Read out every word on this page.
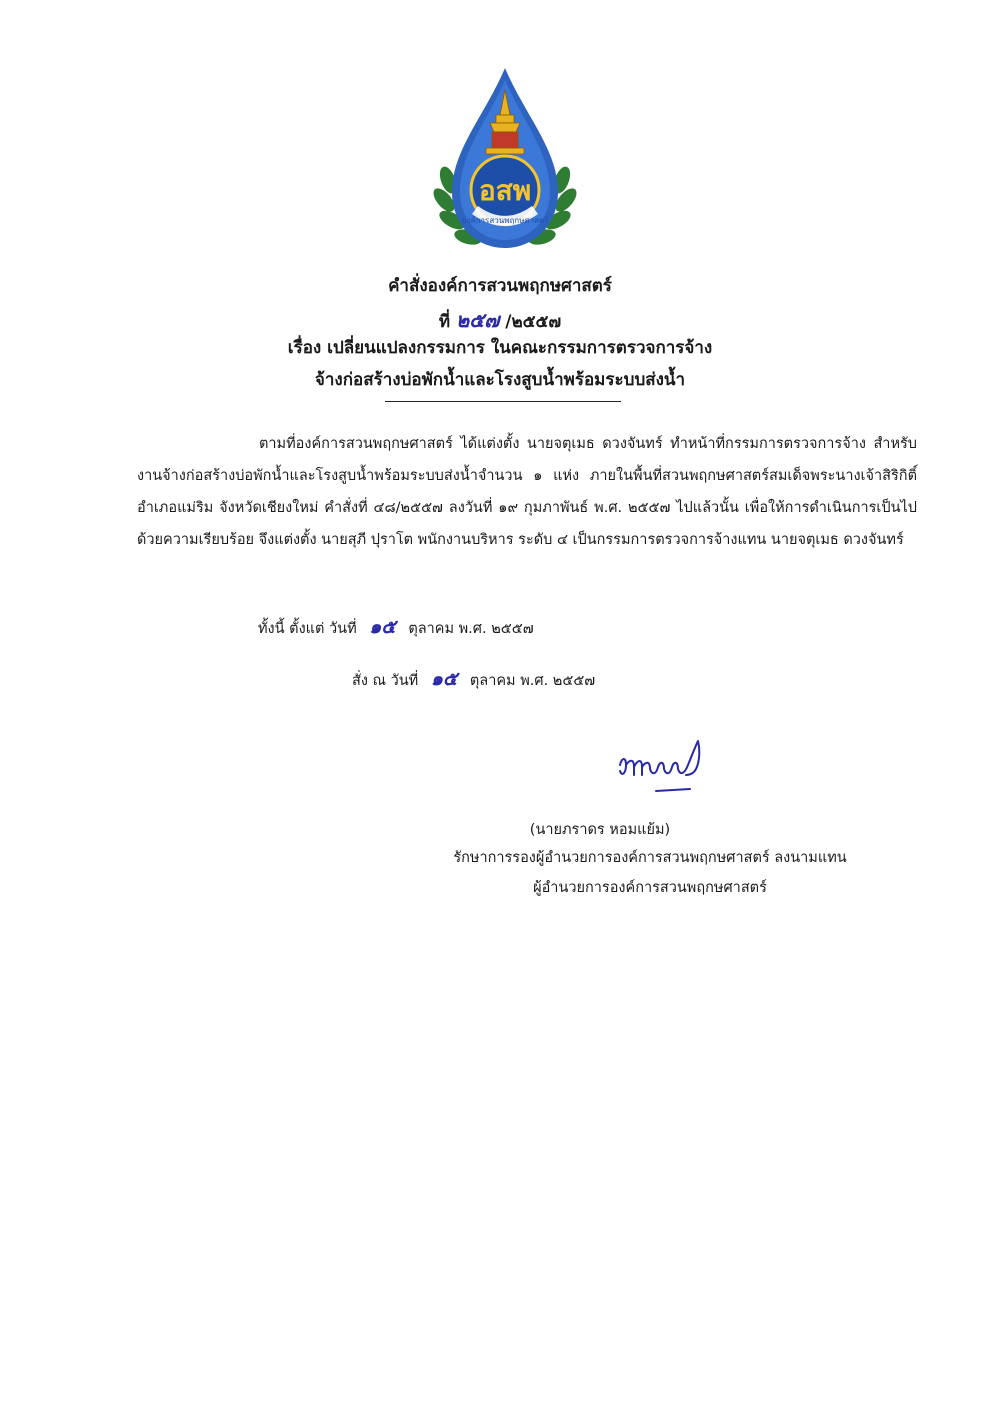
อสพ
องค์การสวนพฤกษศาสตร์
คำสั่งองค์การสวนพฤกษศาสตร์
ที่ ๒๕๗ /๒๕๕๗
เรื่อง เปลี่ยนแปลงกรรมการ ในคณะกรรมการตรวจการจ้าง
จ้างก่อสร้างบ่อพักน้ำและโรงสูบน้ำพร้อมระบบส่งน้ำ
ตามที่องค์การสวนพฤกษศาสตร์ ได้แต่งตั้ง นายจตุเมธ ดวงจันทร์ ทำหน้าที่กรรมการตรวจการจ้าง สำหรับงานจ้างก่อสร้างบ่อพักน้ำและโรงสูบน้ำพร้อมระบบส่งน้ำจำนวน ๑ แห่ง ภายในพื้นที่สวนพฤกษศาสตร์สมเด็จพระนางเจ้าสิริกิติ์ อำเภอแม่ริม จังหวัดเชียงใหม่ คำสั่งที่ ๔๘/๒๕๕๗ ลงวันที่ ๑๙ กุมภาพันธ์ พ.ศ. ๒๕๕๗ ไปแล้วนั้น เพื่อให้การดำเนินการเป็นไปด้วยความเรียบร้อย จึงแต่งตั้ง นายสุภี ปุราโต พนักงานบริหาร ระดับ ๔ เป็นกรรมการตรวจการจ้างแทน นายจตุเมธ ดวงจันทร์
ทั้งนี้ ตั้งแต่ วันที่ ๑๕ ตุลาคม พ.ศ. ๒๕๕๗
สั่ง ณ วันที่ ๑๕ ตุลาคม พ.ศ. ๒๕๕๗
(นายภราดร หอมแย้ม)
รักษาการรองผู้อำนวยการองค์การสวนพฤกษศาสตร์ ลงนามแทน
ผู้อำนวยการองค์การสวนพฤกษศาสตร์
